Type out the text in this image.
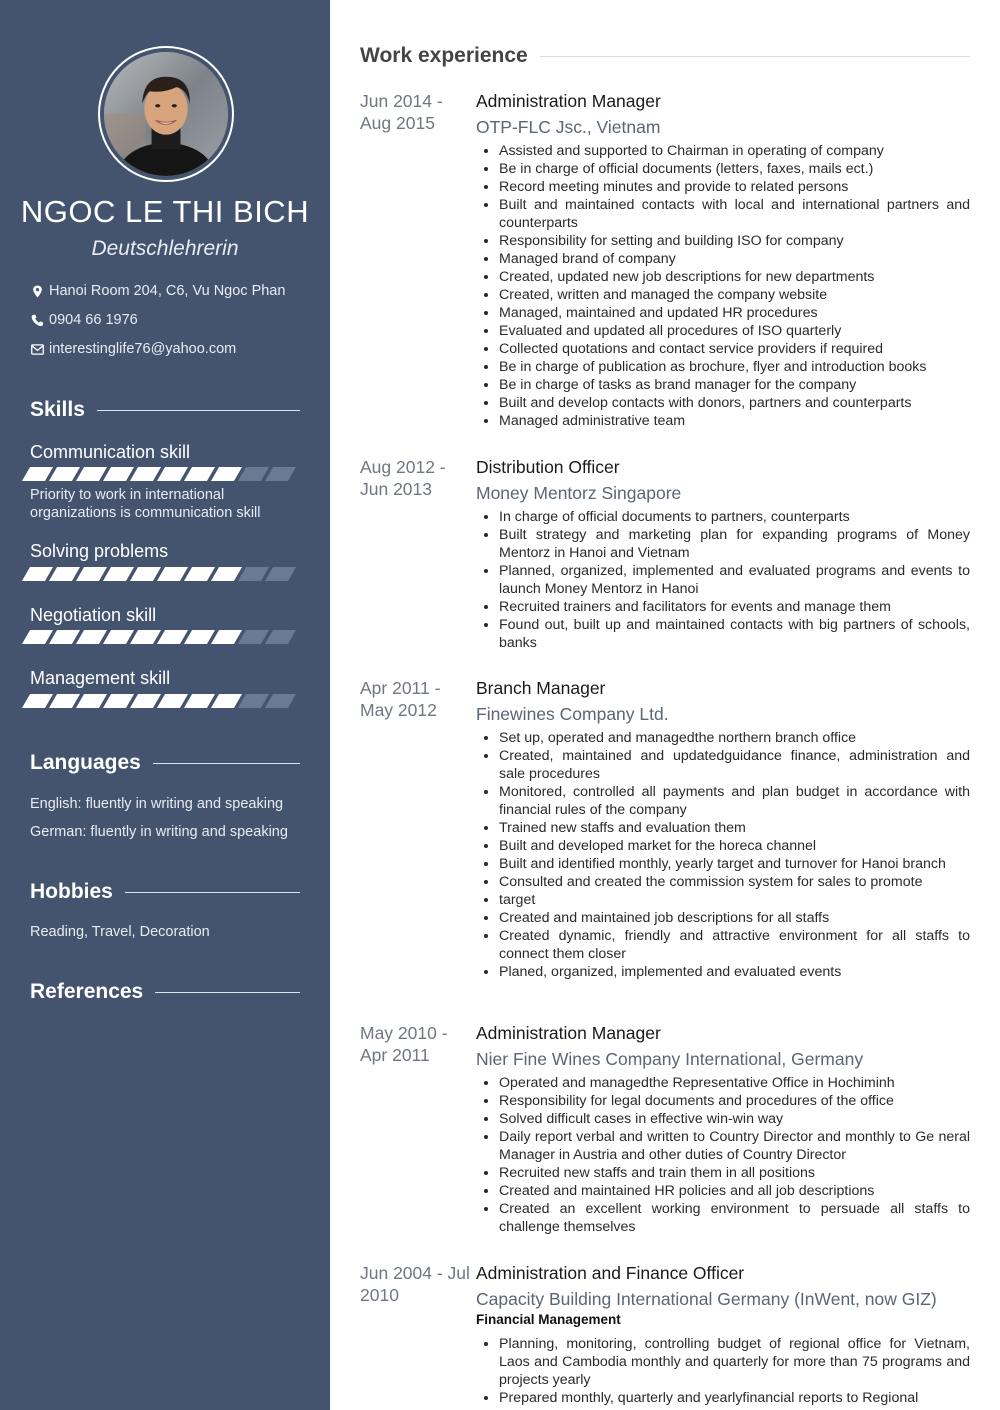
NGOC LE THI BICH
Deutschlehrerin
Hanoi Room 204, C6, Vu Ngoc Phan
0904 66 1976
interestinglife76@yahoo.com
Skills
Communication skill
Priority to work in international organizations is communication skill
Solving problems
Negotiation skill
Management skill
Languages
English: fluently in writing and speaking
German: fluently in writing and speaking
Hobbies
Reading, Travel, Decoration
References
Work experience
Jun 2014 - Aug 2015
Administration Manager
OTP-FLC Jsc., Vietnam
• Assisted and supported to Chairman in operating of company
• Be in charge of official documents (letters, faxes, mails ect.)
• Record meeting minutes and provide to related persons
• Built and maintained contacts with local and international partners and counterparts
• Responsibility for setting and building ISO for company
• Managed brand of company
• Created, updated new job descriptions for new departments
• Created, written and managed the company website
• Managed, maintained and updated HR procedures
• Evaluated and updated all procedures of ISO quarterly
• Collected quotations and contact service providers if required
• Be in charge of publication as brochure, flyer and introduction books
• Be in charge of tasks as brand manager for the company
• Built and develop contacts with donors, partners and counterparts
• Managed administrative team
Aug 2012 - Jun 2013
Distribution Officer
Money Mentorz Singapore
• In charge of official documents to partners, counterparts
• Built strategy and marketing plan for expanding programs of Money Mentorz in Hanoi and Vietnam
• Planned, organized, implemented and evaluated programs and events to launch Money Mentorz in Hanoi
• Recruited trainers and facilitators for events and manage them
• Found out, built up and maintained contacts with big partners of schools, banks
Apr 2011 - May 2012
Branch Manager
Finewines Company Ltd.
• Set up, operated and managedthe northern branch office
• Created, maintained and updatedguidance finance, administration and sale procedures
• Monitored, controlled all payments and plan budget in accordance with financial rules of the company
• Trained new staffs and evaluation them
• Built and developed market for the horeca channel
• Built and identified monthly, yearly target and turnover for Hanoi branch
• Consulted and created the commission system for sales to promote
• target
• Created and maintained job descriptions for all staffs
• Created dynamic, friendly and attractive environment for all staffs to connect them closer
• Planed, organized, implemented and evaluated events
May 2010 - Apr 2011
Administration Manager
Nier Fine Wines Company International, Germany
• Operated and managedthe Representative Office in Hochiminh
• Responsibility for legal documents and procedures of the office
• Solved difficult cases in effective win-win way
• Daily report verbal and written to Country Director and monthly to Ge neral Manager in Austria and other duties of Country Director
• Recruited new staffs and train them in all positions
• Created and maintained HR policies and all job descriptions
• Created an excellent working environment to persuade all staffs to challenge themselves
Jun 2004 - Jul 2010
Administration and Finance Officer
Capacity Building International Germany (InWent, now GIZ)
Financial Management
• Planning, monitoring, controlling budget of regional office for Vietnam, Laos and Cambodia monthly and quarterly for more than 75 programs and projects yearly
• Prepared monthly, quarterly and yearlyfinancial reports to Regional
